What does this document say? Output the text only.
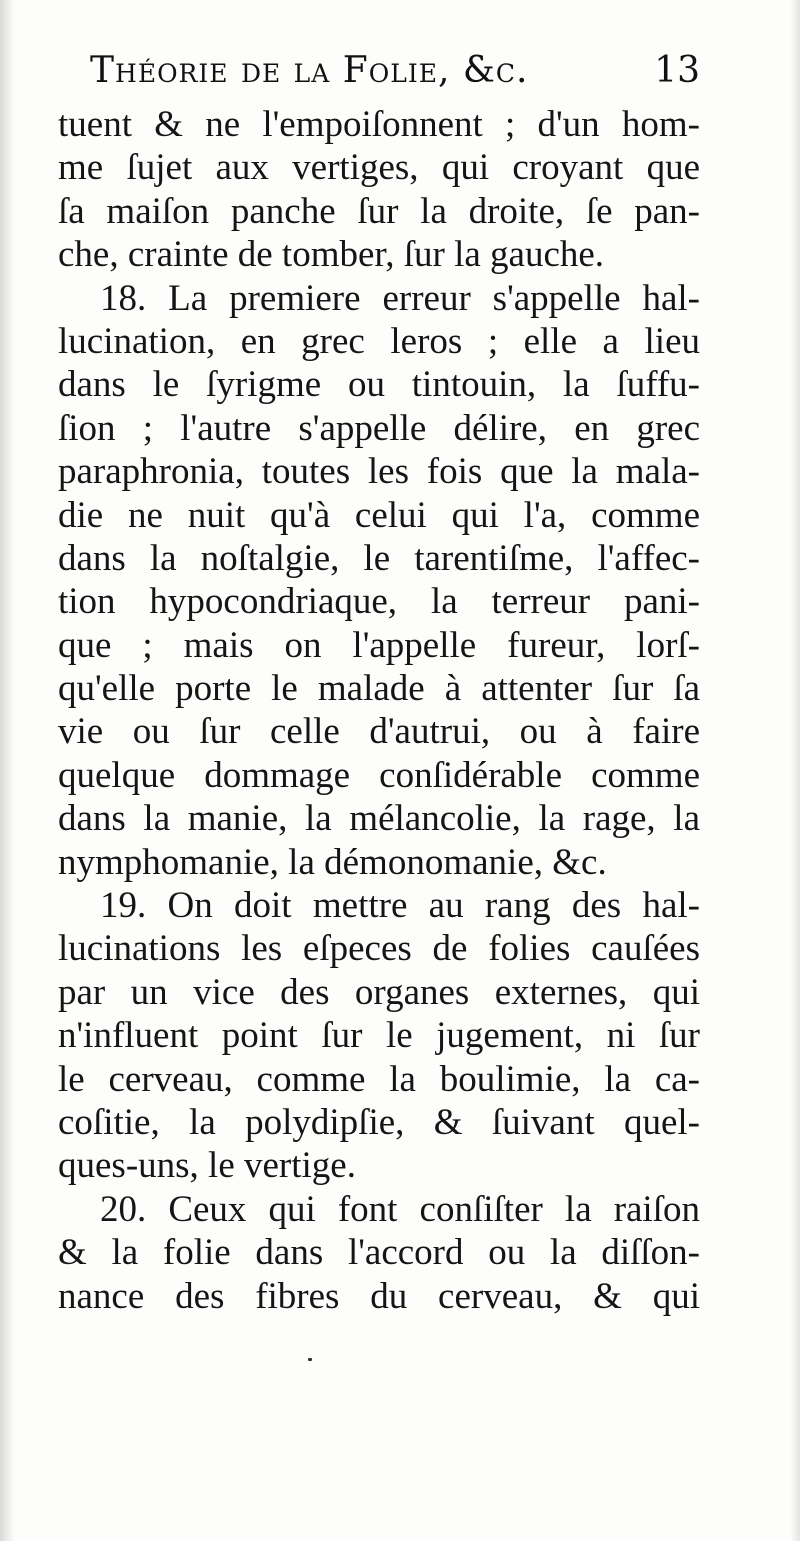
Théorie de la Folie, &c.	13
tuent & ne l'empoiſonnent ; d'un hom-
me ſujet aux vertiges, qui croyant que
ſa maiſon panche ſur la droite, ſe pan-
che, crainte de tomber, ſur la gauche.
18. La premiere erreur s'appelle hal-
lucination, en grec leros ; elle a lieu
dans le ſyrigme ou tintouin, la ſuffu-
ſion ; l'autre s'appelle délire, en grec
paraphronia, toutes les fois que la mala-
die ne nuit qu'à celui qui l'a, comme
dans la noſtalgie, le tarentiſme, l'affec-
tion hypocondriaque, la terreur pani-
que ; mais on l'appelle fureur, lorſ-
qu'elle porte le malade à attenter ſur ſa
vie ou ſur celle d'autrui, ou à faire
quelque dommage conſidérable comme
dans la manie, la mélancolie, la rage, la
nymphomanie, la démonomanie, &c.
19. On doit mettre au rang des hal-
lucinations les eſpeces de folies cauſées
par un vice des organes externes, qui
n'influent point ſur le jugement, ni ſur
le cerveau, comme la boulimie, la ca-
coſitie, la polydipſie, & ſuivant quel-
ques-uns, le vertige.
20. Ceux qui font conſiſter la raiſon
& la folie dans l'accord ou la diſſon-
nance des fibres du cerveau, & qui
